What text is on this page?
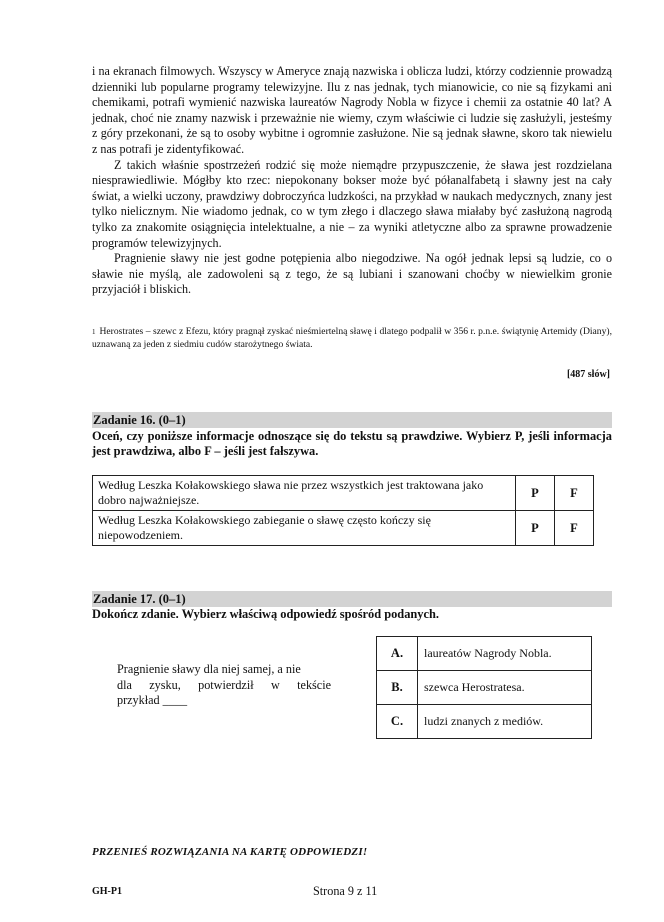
i na ekranach filmowych. Wszyscy w Ameryce znają nazwiska i oblicza ludzi, którzy codziennie prowadzą dzienniki lub popularne programy telewizyjne. Ilu z nas jednak, tych mianowicie, co nie są fizykami ani chemikami, potrafi wymienić nazwiska laureatów Nagrody Nobla w fizyce i chemii za ostatnie 40 lat? A jednak, choć nie znamy nazwisk i przeważnie nie wiemy, czym właściwie ci ludzie się zasłużyli, jesteśmy z góry przekonani, że są to osoby wybitne i ogromnie zasłużone. Nie są jednak sławne, skoro tak niewielu z nas potrafi je zidentyfikować.

Z takich właśnie spostrzeżeń rodzić się może niemądre przypuszczenie, że sława jest rozdzielana niesprawiedliwie. Mógłby kto rzec: niepokonany bokser może być półanalfabetą i sławny jest na cały świat, a wielki uczony, prawdziwy dobroczyńca ludzkości, na przykład w naukach medycznych, znany jest tylko nielicznym. Nie wiadomo jednak, co w tym złego i dlaczego sława miałaby być zasłużoną nagrodą tylko za znakomite osiągnięcia intelektualne, a nie – za wyniki atletyczne albo za sprawne prowadzenie programów telewizyjnych.

Pragnienie sławy nie jest godne potępienia albo niegodziwe. Na ogół jednak lepsi są ludzie, co o sławie nie myślą, ale zadowoleni są z tego, że są lubiani i szanowani choćby w niewielkim gronie przyjaciół i bliskich.

$^1$ Herostrates – szewc z Efezu, który pragnął zyskać nieśmiertelną sławę i dlatego podpalił w 356 r. p.n.e. świątynię Artemidy (Diany), uznawaną za jeden z siedmiu cudów starożytnego świata.
[487 słów]
Zadanie 16. (0–1)
Oceń, czy poniższe informacje odnoszące się do tekstu są prawdziwe. Wybierz P, jeśli informacja jest prawdziwa, albo F – jeśli jest fałszywa.
Według Leszka Kołakowskiego sława nie przez wszystkich jest traktowana jako dobro najważniejsze.	P	F
Według Leszka Kołakowskiego zabieganie o sławę często kończy się niepowodzeniem.	P	F
Zadanie 17. (0–1)
Dokończ zdanie. Wybierz właściwą odpowiedź spośród podanych.
Pragnienie sławy dla niej samej, a nie
dla zysku, potwierdził w tekście
przykład ____
A.	laureatów Nagrody Nobla.
B.	szewca Herostratesa.
C.	ludzi znanych z mediów.
PRZENIEŚ ROZWIĄZANIA NA KARTĘ ODPOWIEDZI!
GH-P1	Strona 9 z 11
